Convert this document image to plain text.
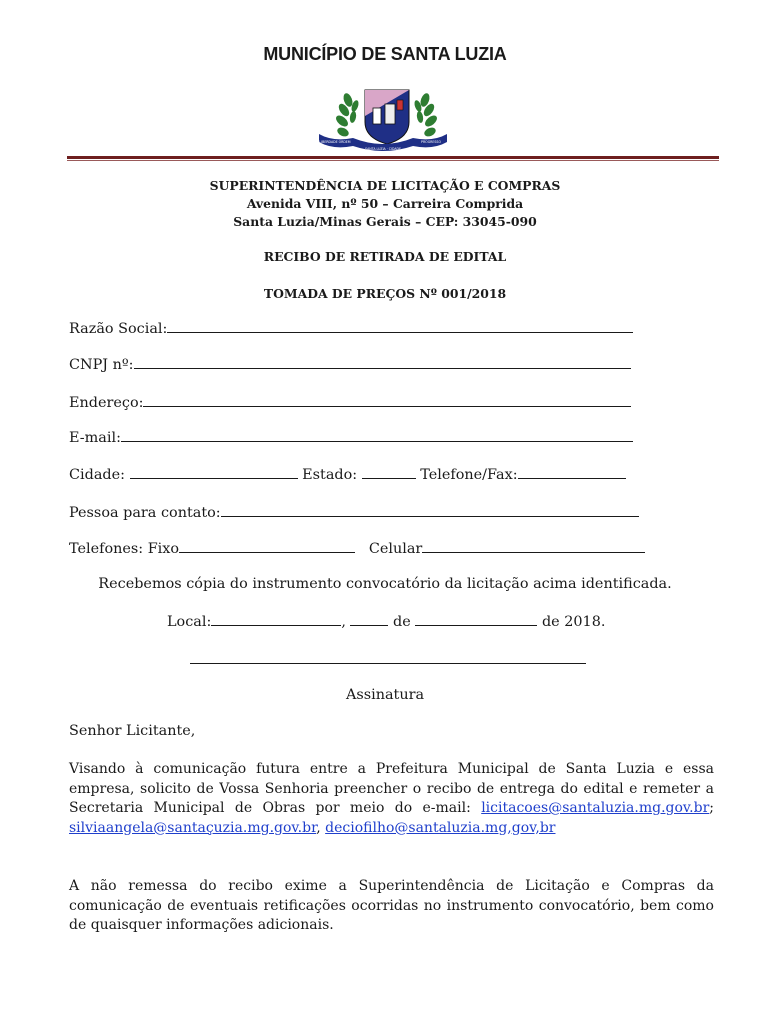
MUNICÍPIO DE SANTA LUZIA
LIBERDADE ORDEM
SANTA LUZIA · CIDADE
PROGRESSO
SUPERINTENDÊNCIA DE LICITAÇÃO E COMPRAS
Avenida VIII, nº 50 – Carreira Comprida
Santa Luzia/Minas Gerais – CEP: 33045-090
RECIBO DE RETIRADA DE EDITAL
TOMADA DE PREÇOS Nº 001/2018
Razão Social:
CNPJ nº:
Endereço:
E-mail:
Cidade:	Estado:	Telefone/Fax:
Pessoa para contato:
Telefones: Fixo	Celular
Recebemos cópia do instrumento convocatório da licitação acima identificada.
Local:	,	de	de 2018.
Assinatura
Senhor Licitante,
Visando à comunicação futura entre a Prefeitura Municipal de Santa Luzia e essa empresa, solicito de Vossa Senhoria preencher o recibo de entrega do edital e remeter a Secretaria Municipal de Obras por meio do e-mail: licitacoes@santaluzia.mg.gov.br; silviaangela@santaçuzia.mg.gov.br, deciofilho@santaluzia.mg,gov,br
A não remessa do recibo exime a Superintendência de Licitação e Compras da comunicação de eventuais retificações ocorridas no instrumento convocatório, bem como de quaisquer informações adicionais.
